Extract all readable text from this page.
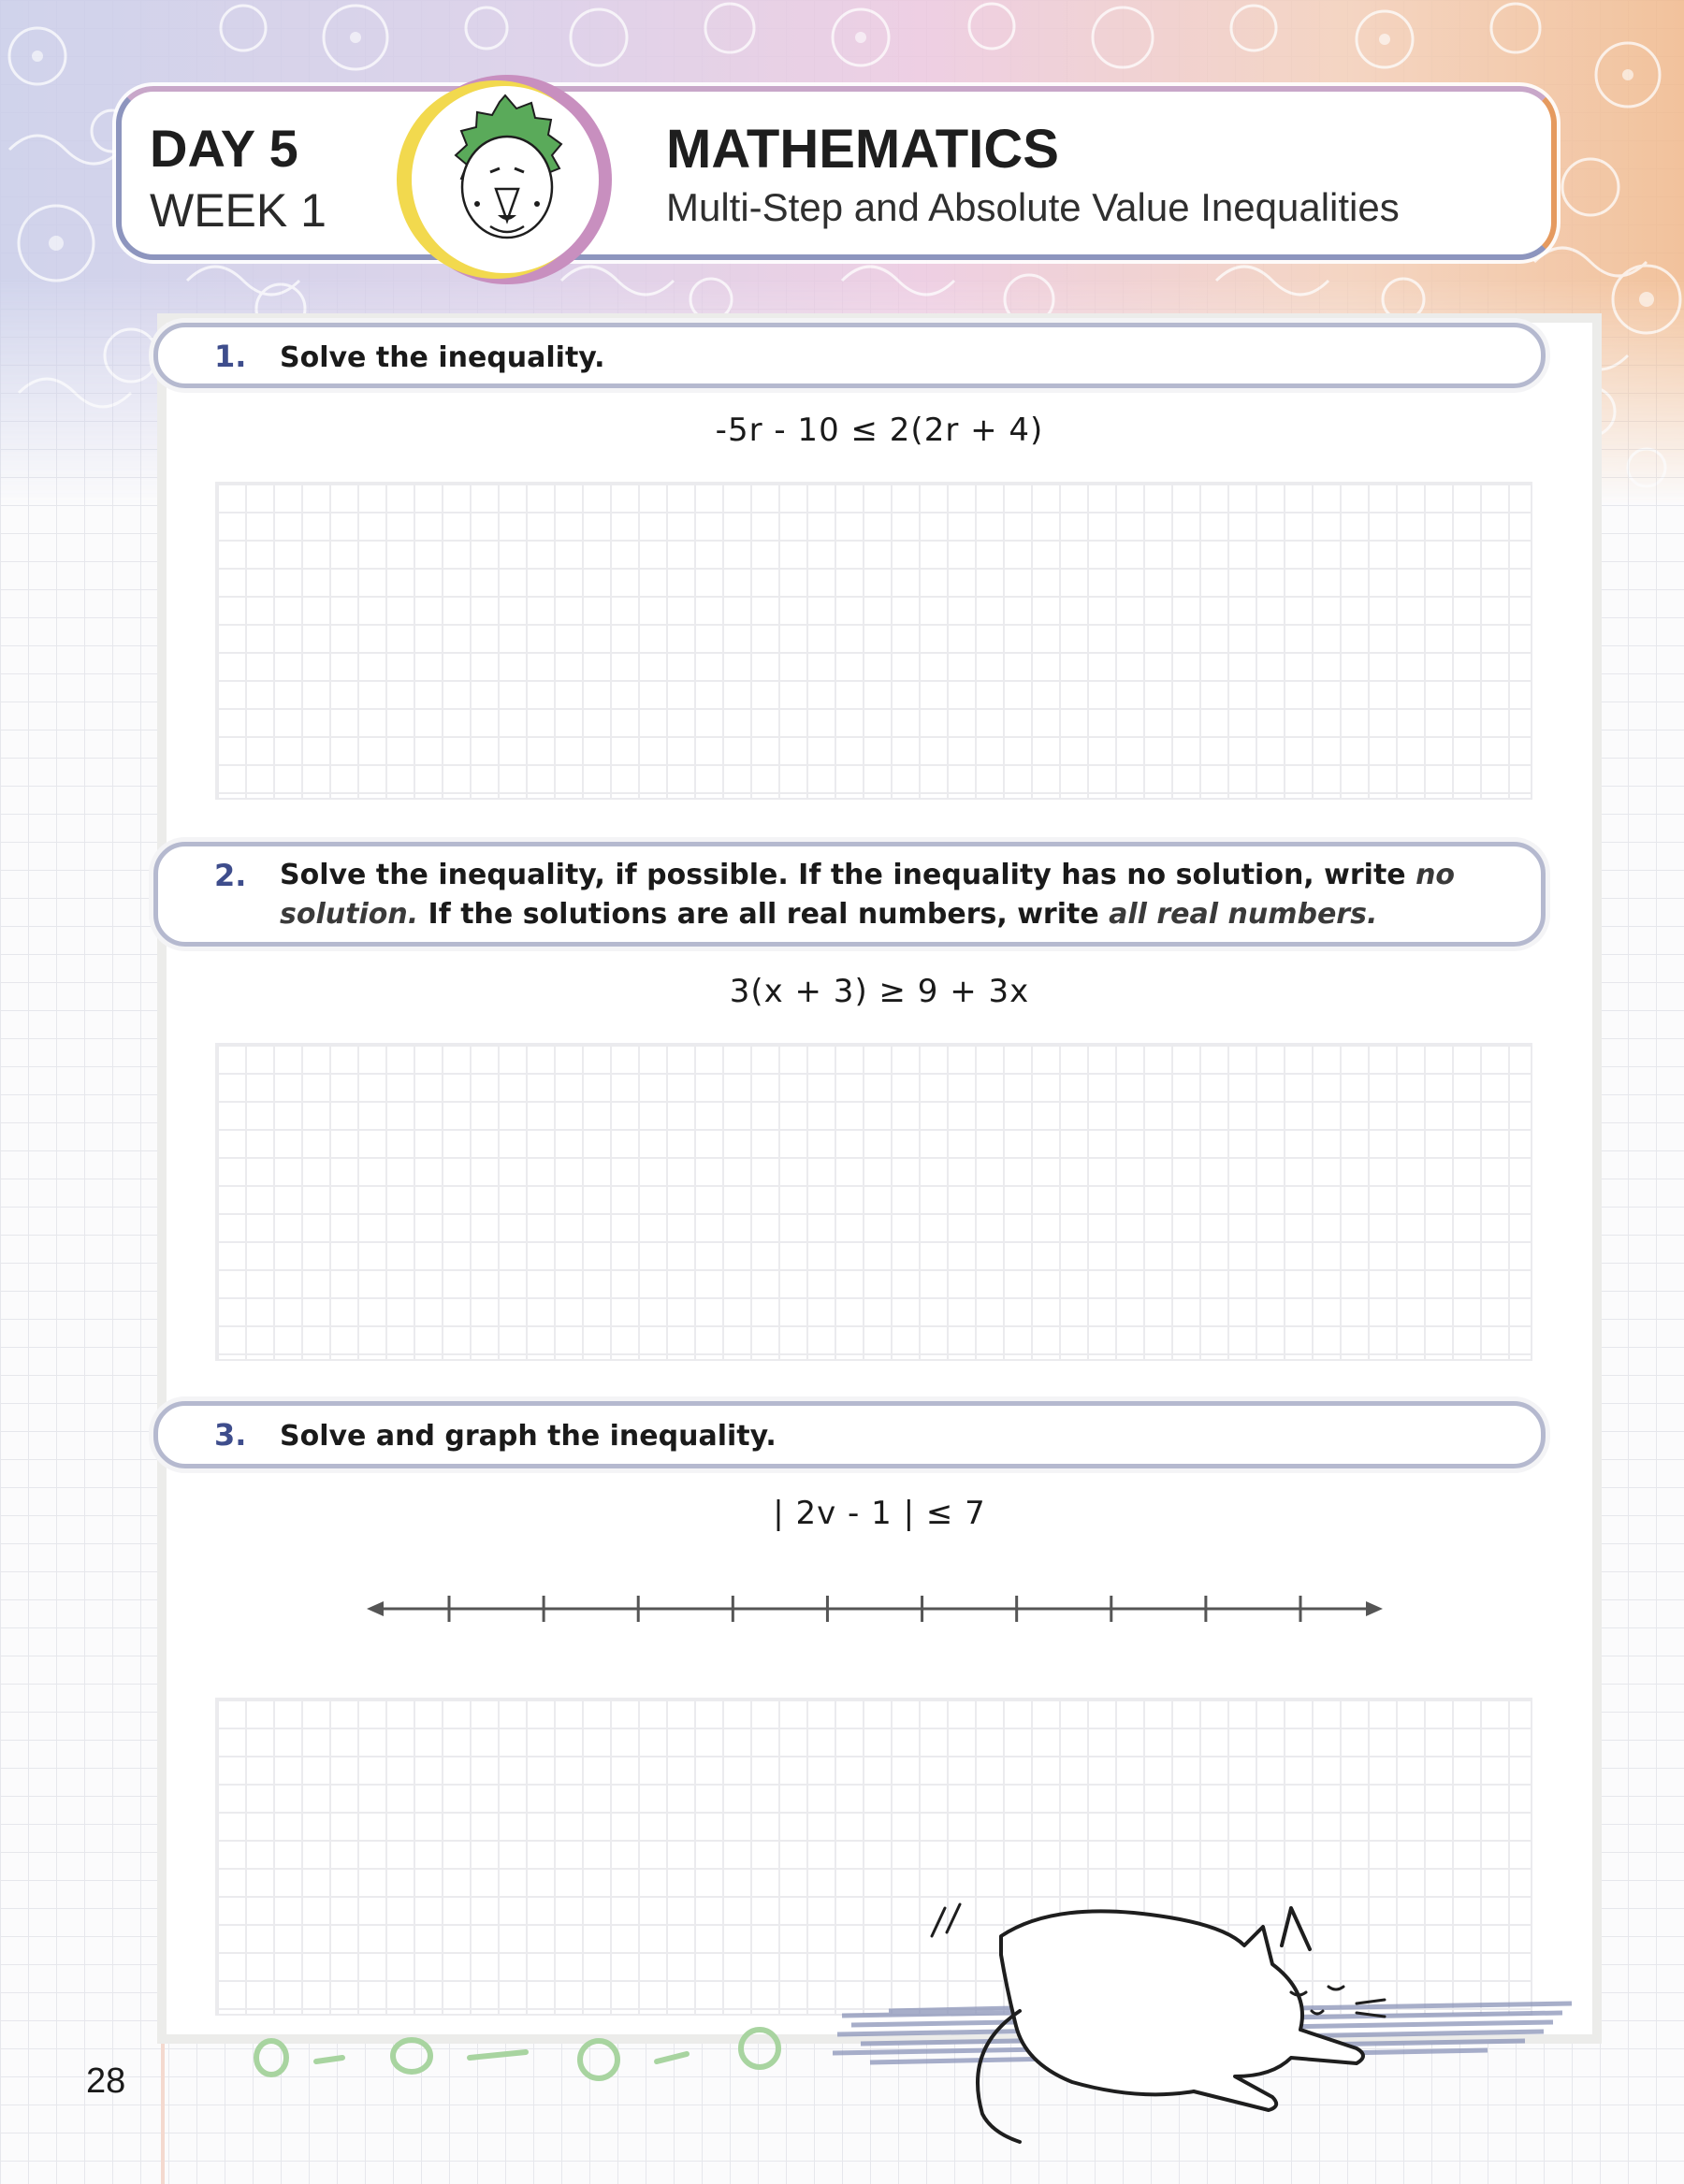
DAY 5
WEEK 1
MATHEMATICS
Multi-Step and Absolute Value Inequalities
1. Solve the inequality.
-5r - 10 ≤ 2(2r + 4)
2. Solve the inequality, if possible. If the inequality has no solution, write no solution. If the solutions are all real numbers, write all real numbers.
3(x + 3) ≥ 9 + 3x
3. Solve and graph the inequality.
| 2v - 1 | ≤ 7
28
